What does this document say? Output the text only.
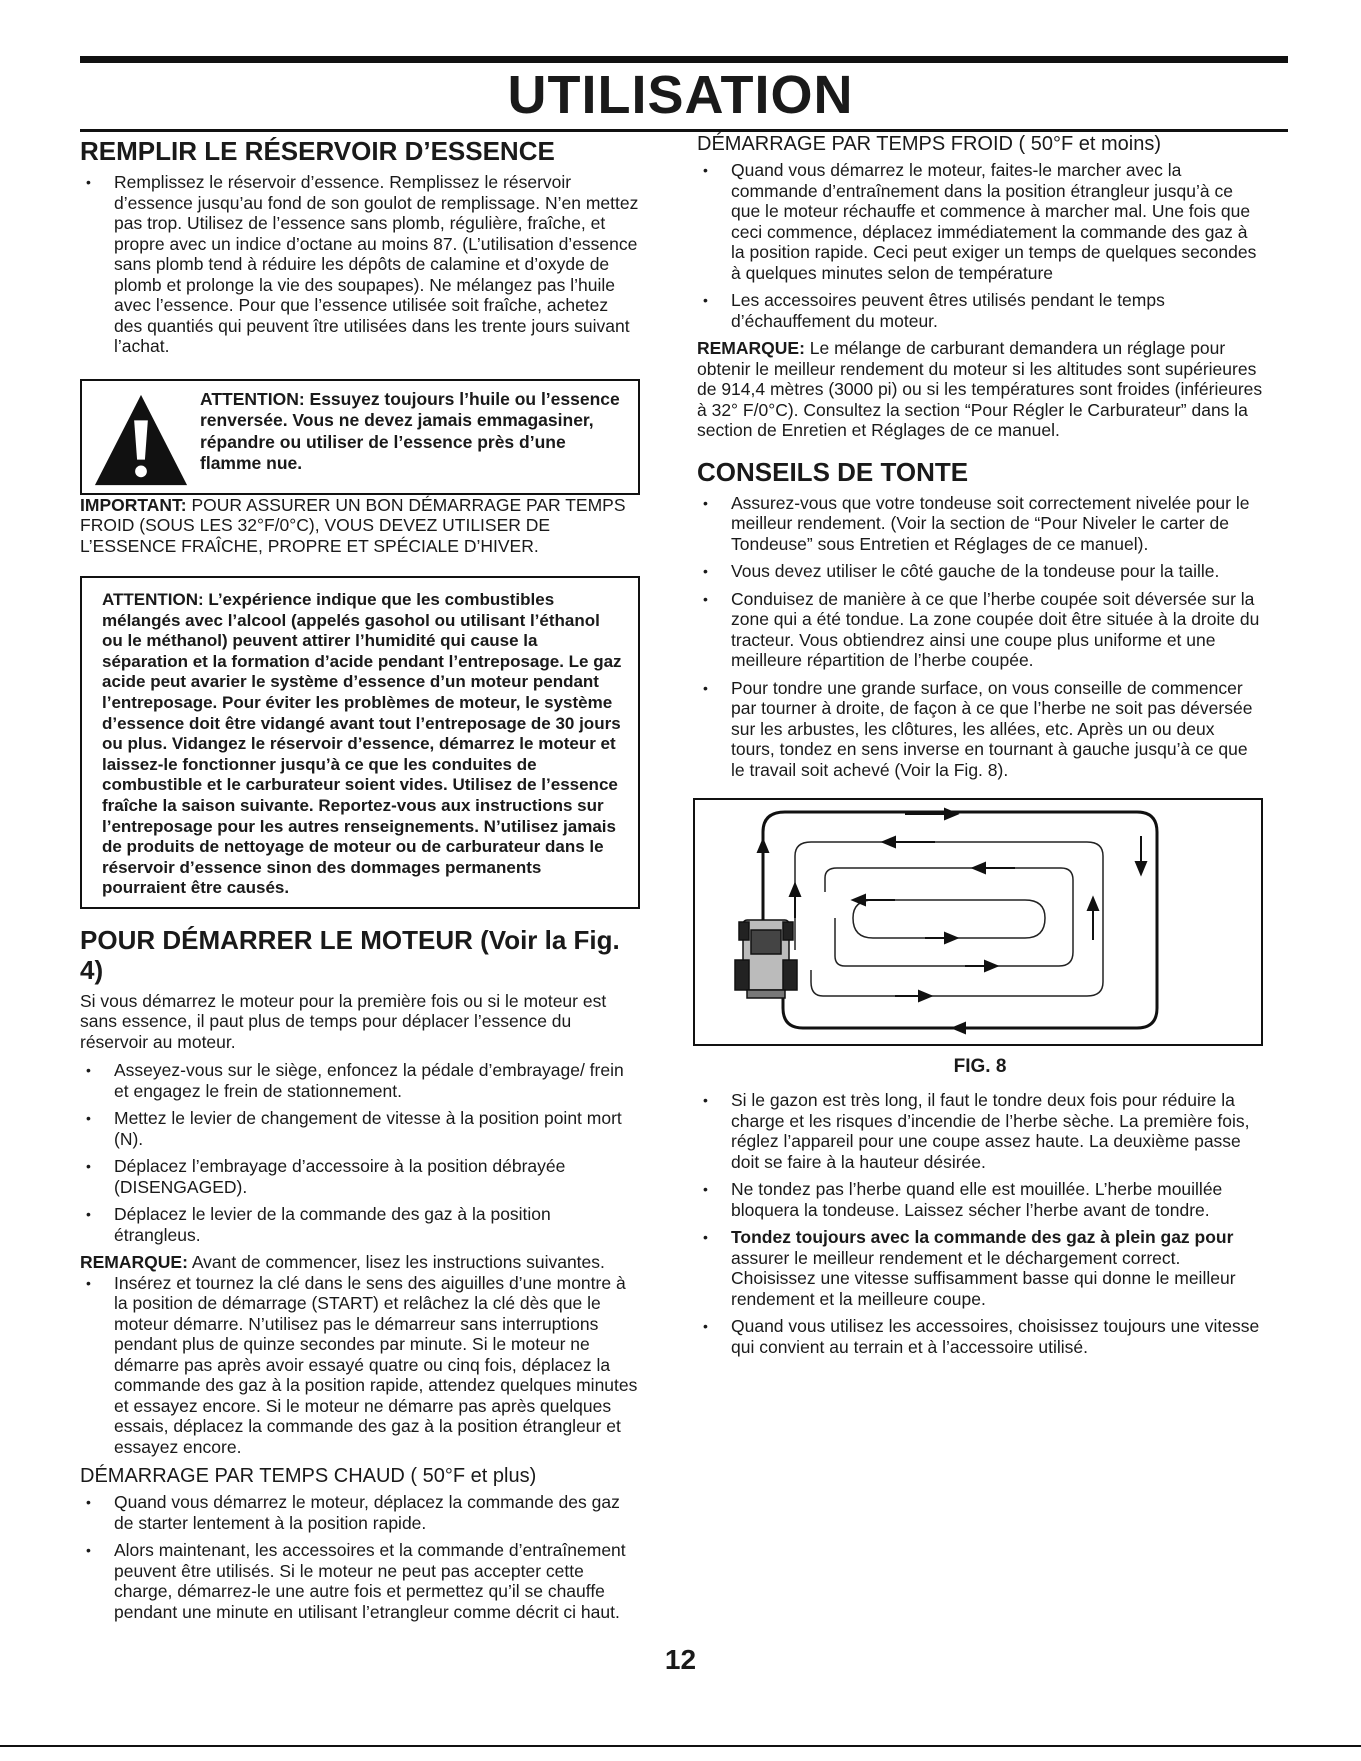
UTILISATION
REMPLIR LE RÉSERVOIR D’ESSENCE
• Remplissez le réservoir d’essence. Remplissez le réservoir d’essence jusqu’au fond de son goulot de remplissage. N’en mettez pas trop. Utilisez de l’essence sans plomb, régulière, fraîche, et propre avec un indice d’octane au moins 87. (L’utilisation d’essence sans plomb tend à réduire les dépôts de calamine et d’oxyde de plomb et prolonge la vie des soupapes). Ne mélangez pas l’huile avec l’essence. Pour que l’essence utilisée soit fraîche, achetez des quantiés qui peuvent ître utilisées dans les trente jours suivant l’achat.
ATTENTION: Essuyez toujours l’huile ou l’essence renversée. Vous ne devez jamais emmagasiner, répandre ou utiliser de l’essence près d’une flamme nue.

IMPORTANT: POUR ASSURER UN BON DÉMARRAGE PAR TEMPS FROID (SOUS LES 32°F/0°C), VOUS DEVEZ UTILISER DE L’ESSENCE FRAÎCHE, PROPRE ET SPÉCIALE D’HIVER.

ATTENTION: L’expérience indique que les combustibles mélangés avec l’alcool (appelés gasohol ou utilisant l’éthanol ou le méthanol) peuvent attirer l’humidité qui cause la séparation et la formation d’acide pendant l’entreposage. Le gaz acide peut avarier le système d’essence d’un moteur pendant l’entreposage. Pour éviter les problèmes de moteur, le système d’essence doit être vidangé avant tout l’entreposage de 30 jours ou plus. Vidangez le réservoir d’essence, démarrez le moteur et laissez-le fonctionner jusqu’à ce que les conduites de combustible et le carburateur soient vides. Utilisez de l’essence fraîche la saison suivante. Reportez-vous aux instructions sur l’entreposage pour les autres renseignements. N’utilisez jamais de produits de nettoyage de moteur ou de carburateur dans le réservoir d’essence sinon des dommages permanents pourraient être causés.
POUR DÉMARRER LE MOTEUR (Voir la Fig. 4)

Si vous démarrez le moteur pour la première fois ou si le moteur est sans essence, il paut plus de temps pour déplacer l’essence du réservoir au moteur.

• Asseyez-vous sur le siège, enfoncez la pédale d’embrayage/ frein et engagez le frein de stationnement.
• Mettez le levier de changement de vitesse à la position point mort (N).
• Déplacez l’embrayage d’accessoire à la position débrayée (DISENGAGED).
• Déplacez le levier de la commande des gaz à la position étrangleus.

REMARQUE: Avant de commencer, lisez les instructions suivantes.

• Insérez et tournez la clé dans le sens des aiguilles d’une montre à la position de démarrage (START) et relâchez la clé dès que le moteur démarre. N’utilisez pas le démarreur sans interruptions pendant plus de quinze secondes par minute. Si le moteur ne démarre pas après avoir essayé quatre ou cinq fois, déplacez la commande des gaz à la position rapide, attendez quelques minutes et essayez encore. Si le moteur ne démarre pas après quelques essais, déplacez la commande des gaz à la position étrangleur et essayez encore.
DÉMARRAGE PAR TEMPS CHAUD ( 50°F et plus)
• Quand vous démarrez le moteur, déplacez la commande des gaz de starter lentement à la position rapide.
• Alors maintenant, les accessoires et la commande d’entraînement peuvent être utilisés. Si le moteur ne peut pas accepter cette charge, démarrez-le une autre fois et permettez qu’il se chauffe pendant une minute en utilisant l’etrangleur comme décrit ci haut.
DÉMARRAGE PAR TEMPS FROID ( 50°F et moins)
• Quand vous démarrez le moteur, faites-le marcher avec la commande d’entraînement dans la position étrangleur jusqu’à ce que le moteur réchauffe et commence à marcher mal. Une fois que ceci commence, déplacez immédiatement la commande des gaz à la position rapide. Ceci peut exiger un temps de quelques secondes à quelques minutes selon de température
• Les accessoires peuvent êtres utilisés pendant le temps d’échauffement du moteur.

REMARQUE: Le mélange de carburant demandera un réglage pour obtenir le meilleur rendement du moteur si les altitudes sont supérieures de 914,4 mètres (3000 pi) ou si les températures sont froides (inférieures à 32° F/0°C). Consultez la section “Pour Régler le Carburateur” dans la section de Enretien et Réglages de ce manuel.

CONSEILS DE TONTE
• Assurez-vous que votre tondeuse soit correctement nivelée pour le meilleur rendement. (Voir la section de “Pour Niveler le carter de Tondeuse” sous Entretien et Réglages de ce manuel).
• Vous devez utiliser le côté gauche de la tondeuse pour la taille.
• Conduisez de manière à ce que l’herbe coupée soit déversée sur la zone qui a été tondue. La zone coupée doit être située à la droite du tracteur. Vous obtiendrez ainsi une coupe plus uniforme et une meilleure répartition de l’herbe coupée.
• Pour tondre une grande surface, on vous conseille de commencer par tourner à droite, de façon à ce que l’herbe ne soit pas déversée sur les arbustes, les clôtures, les allées, etc. Après un ou deux tours, tondez en sens inverse en tournant à gauche jusqu’à ce que le travail soit achevé (Voir la Fig. 8).
FIG. 8
• Si le gazon est très long, il faut le tondre deux fois pour réduire la charge et les risques d’incendie de l’herbe sèche. La première fois, réglez l’appareil pour une coupe assez haute. La deuxième passe doit se faire à la hauteur désirée.
• Ne tondez pas l’herbe quand elle est mouillée. L’herbe mouillée bloquera la tondeuse. Laissez sécher l’herbe avant de tondre.
• Tondez toujours avec la commande des gaz à plein gaz pour assurer le meilleur rendement et le déchargement correct. Choisissez une vitesse suffisamment basse qui donne le meilleur rendement et la meilleure coupe.
• Quand vous utilisez les accessoires, choisissez toujours une vitesse qui convient au terrain et à l’accessoire utilisé.
12
